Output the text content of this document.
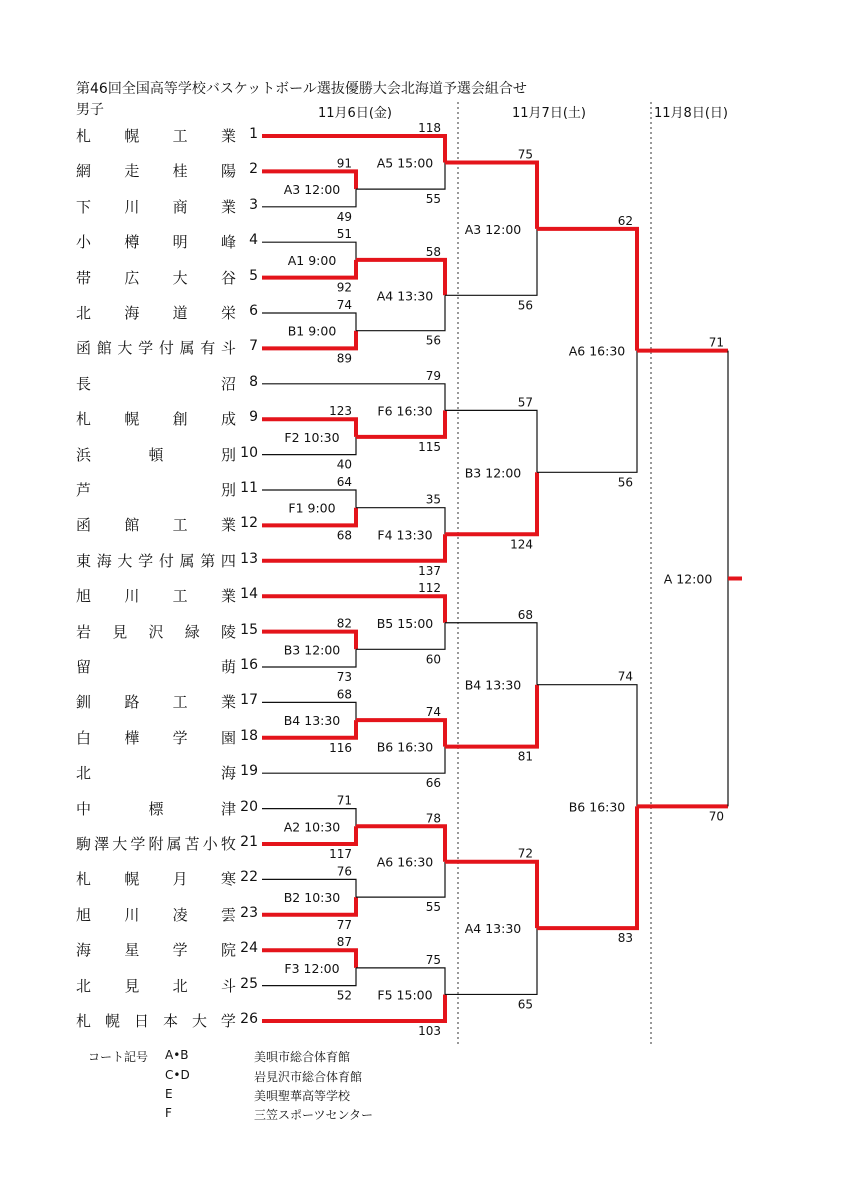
第46回全国高等学校バスケットボール選抜優勝大会北海道予選会組合せ
男子	11月6日(金)	11月7日(土)	11月8日(日)
札 幌 工 業 1
網 走 桂 陽 2
下 川 商 業 3
小 樽 明 峰 4
帯 広 大 谷 5
北 海 道 栄 6
函 館 大 学 付 属 有 斗 7
長	沼 8
札 幌 創 成 9
浜	頓	別 10
芦	別 11
函 館 工 業 12
東 海 大 学 付 属 第 四 13
旭 川 工 業 14
岩 見 沢 緑 陵 15
留	萌 16
釧 路 工 業 17
白 樺 学 園 18
北	海 19
中	標	津 20
駒 澤 大 学 附 属 苫 小 牧 21
札 幌 月 寒 22
旭 川 凌 雲 23
海 星 学 院 24
北 見 北 斗 25
札 幌 日 本 大 学 26
91
49
A3 12:00
51
92
A1 9:00
74
89
B1 9:00
123
40
F2 10:30
64
68
F1 9:00
82
73
B3 12:00
68
116
B4 13:30
71
117
A2 10:30
76
77
B2 10:30
87
52
F3 12:00
118
55
A5 15:00
58
56
A4 13:30
79
115
F6 16:30
35
137
F4 13:30
112
60
B5 15:00
74
66
B6 16:30
78
55
A6 16:30
75
103
F5 15:00
75
56
A3 12:00
57
124
B3 12:00
68
81
B4 13:30
72
65
A4 13:30
62
56
A6 16:30
74
83
B6 16:30
71
70
A 12:00
コート記号 A•B	美唄市総合体育館
C•D	岩見沢市総合体育館
E	美唄聖華高等学校
F	三笠スポーツセンター
